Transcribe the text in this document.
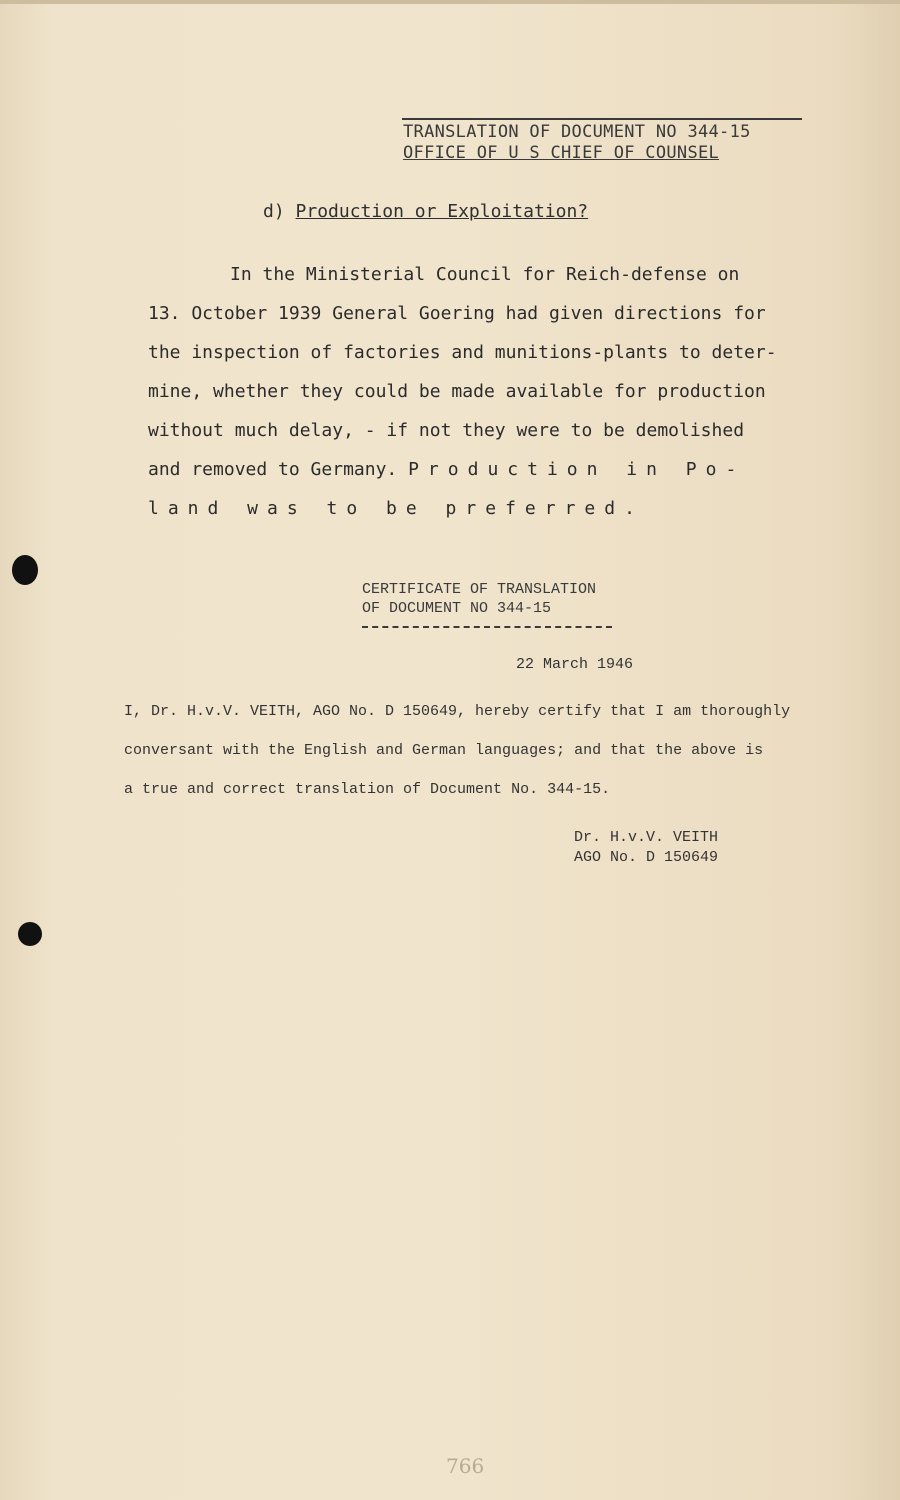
TRANSLATION OF DOCUMENT NO 344-15
OFFICE OF U S CHIEF OF COUNSEL
d) Production or Exploitation?

In the Ministerial Council for Reich-defense on

13. October 1939 General Goering had given directions for

the inspection of factories and munitions-plants to deter-

mine, whether they could be made available for production

without much delay, - if not they were to be demolished

and removed to Germany. Production in Po-

land was to be preferred.

CERTIFICATE OF TRANSLATION
OF DOCUMENT NO 344-15
22 March 1946

I, Dr. H.v.V. VEITH, AGO No. D 150649, hereby certify that I am thoroughly

conversant with the English and German languages; and that the above is

a true and correct translation of Document No. 344-15.

Dr. H.v.V. VEITH
AGO No. D 150649
766
